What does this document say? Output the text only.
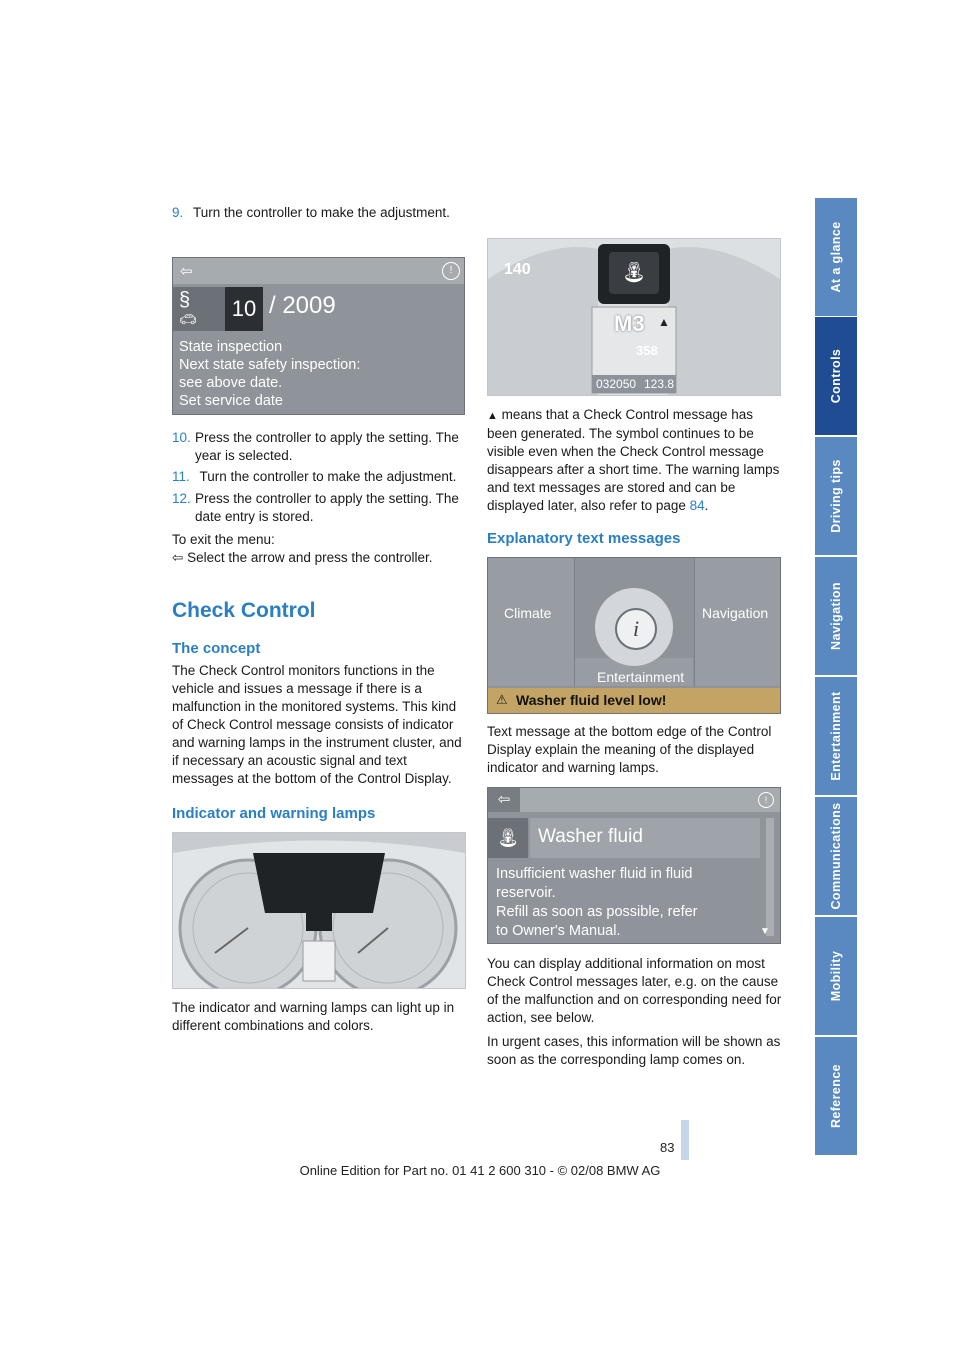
At a glance
Controls
Driving tips
Navigation
Entertainment
Communications
Mobility
Reference
9. Turn the controller to make the adjustment.
⇦	!
§
🚗︎	10 / 2009
State inspection
Next state safety inspection:
see above date.
Set service date
10. Press the controller to apply the setting. The year is selected.
11. Turn the controller to make the adjustment.
12. Press the controller to apply the setting. The date entry is stored.
To exit the menu:
⇦ Select the arrow and press the controller.
Check Control
The concept
The Check Control monitors functions in the vehicle and issues a message if there is a malfunction in the monitored systems. This kind of Check Control message consists of indicator and warning lamps in the instrument cluster, and if necessary an acoustic signal and text messages at the bottom of the Control Display.
Indicator and warning lamps
The indicator and warning lamps can light up in different combinations and colors.
⛲︎
140
M3 ▲
358
032050 123.8
▲ means that a Check Control message has been generated. The symbol continues to be visible even when the Check Control message disappears after a short time. The warning lamps and text messages are stored and can be displayed later, also refer to page 84.
Explanatory text messages
i
Climate	Navigation
Entertainment
⚠ Washer fluid level low!
Text message at the bottom edge of the Control Display explain the meaning of the displayed indicator and warning lamps.
⇦	!
⛲︎ Washer fluid
Insufficient washer fluid in fluid
reservoir.
Refill as soon as possible, refer
to Owner's Manual.	▼
You can display additional information on most Check Control messages later, e.g. on the cause of the malfunction and on corresponding need for action, see below.
In urgent cases, this information will be shown as soon as the corresponding lamp comes on.
83
Online Edition for Part no. 01 41 2 600 310 - © 02/08 BMW AG
